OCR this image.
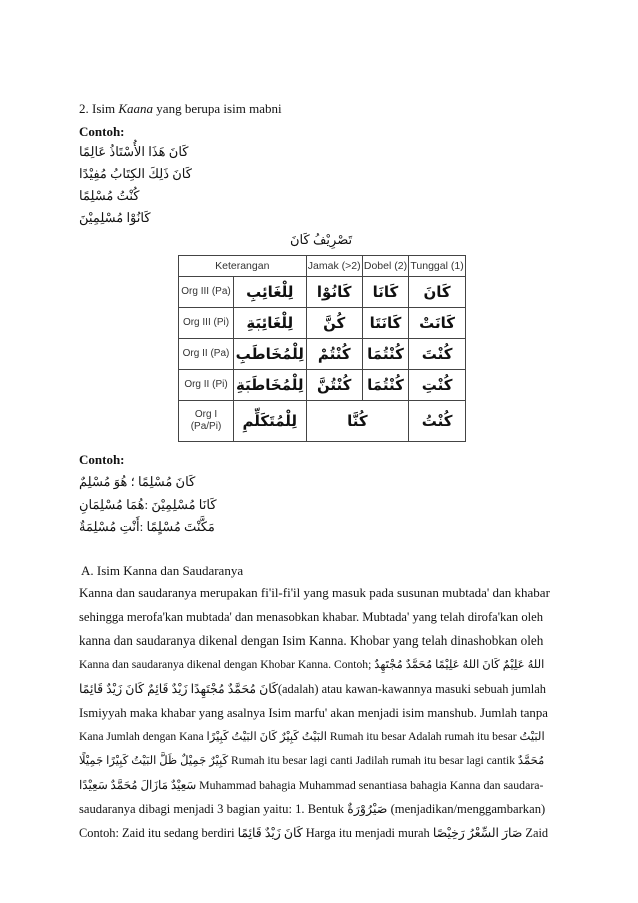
2. Isim Kaana yang berupa isim mabni
Contoh:
كَانَ هَذَا الأُسْتَاذُ عَالِمًا
كَانَ ذَلِكَ الكِتَابُ مُفِيْدًا
كُنْتُ مُسْلِمًا
كَانُوْا مُسْلِمِيْنَ
تَصْرِيْفُ كَانَ
Keterangan		Jamak (>2)	Dobel (2)	Tunggal (1)
Org III (Pa)	لِلْغَائِبِ	كَانُوْا	كَانَا	كَانَ
Org III (Pi)	لِلْغَائِبَةِ	كُنَّ	كَانَتَا	كَانَتْ
Org II (Pa)	لِلْمُخَاطَبِ	كُنْتُمْ	كُنْتُمَا	كُنْتَ
Org II (Pi)	لِلْمُخَاطَبَةِ	كُنْتُنَّ	كُنْتُمَا	كُنْتِ
Org I (Pa/Pi)	لِلْمُتَكَلِّمِ	كُنَّا		كُنْتُ
Contoh:
كَانَ مُسْلِمًا ؛ هُوَ مُسْلِمٌ
كَانَا مُسْلِمِيْنَ :هُمَا مُسْلِمَانِ
مَكَّنْتَ مُسْلٍمًا :أَنْتِ مُسْلِمَةٌ
A. Isim Kanna dan Saudaranya
Kanna dan saudaranya merupakan fi'il-fi'il yang masuk pada susunan mubtada' dan khabar
sehingga merofa'kan mubtada' dan menasobkan khabar. Mubtada' yang telah dirofa'kan oleh
kanna dan saudaranya dikenal dengan Isim Kanna. Khobar yang telah dinashobkan oleh
Kanna dan saudaranya dikenal dengan Khobar Kanna. Contoh; ‏اللهُ عَلِيْمٌ كَانَ اللهُ عَلِيْمًا مُحَمَّدٌ مُجْتَهِدٌ
كَانَ مُحَمَّدٌ مُجْتَهِدًا زَيْدٌ قَائِمٌ كَانَ زَيْدٌ قَائِمًا(adalah) atau kawan-kawannya masuki sebuah jumlah
Ismiyyah maka khabar yang asalnya Isim marfu' akan menjadi isim manshub. Jumlah tanpa
Kana Jumlah dengan Kana البَيْتُ كَبِيْرٌ كَانَ البَيْتُ كَبِيْرًا Rumah itu besar Adalah rumah itu besar البَيْتُ
كَبِيْرٌ جَمِيْلٌ ظَلَّ البَيْتُ كَبِيْرًا جَمِيْلًا Rumah itu besar lagi canti Jadilah rumah itu besar lagi cantik مُحَمَّدٌ
سَعِيْدٌ مَازَالَ مُحَمَّدٌ سَعِيْدًا Muhammad bahagia Muhammad senantiasa bahagia Kanna dan saudara-
saudaranya dibagi menjadi 3 bagian yaitu: 1. Bentuk صَيْرُوْرَةٌ (menjadikan/menggambarkan)
Contoh: Zaid itu sedang berdiri كَانَ زَيْدٌ قَائِمًا Harga itu menjadi murah صَارَ السِّعْرُ رَخِيْصًا Zaid
